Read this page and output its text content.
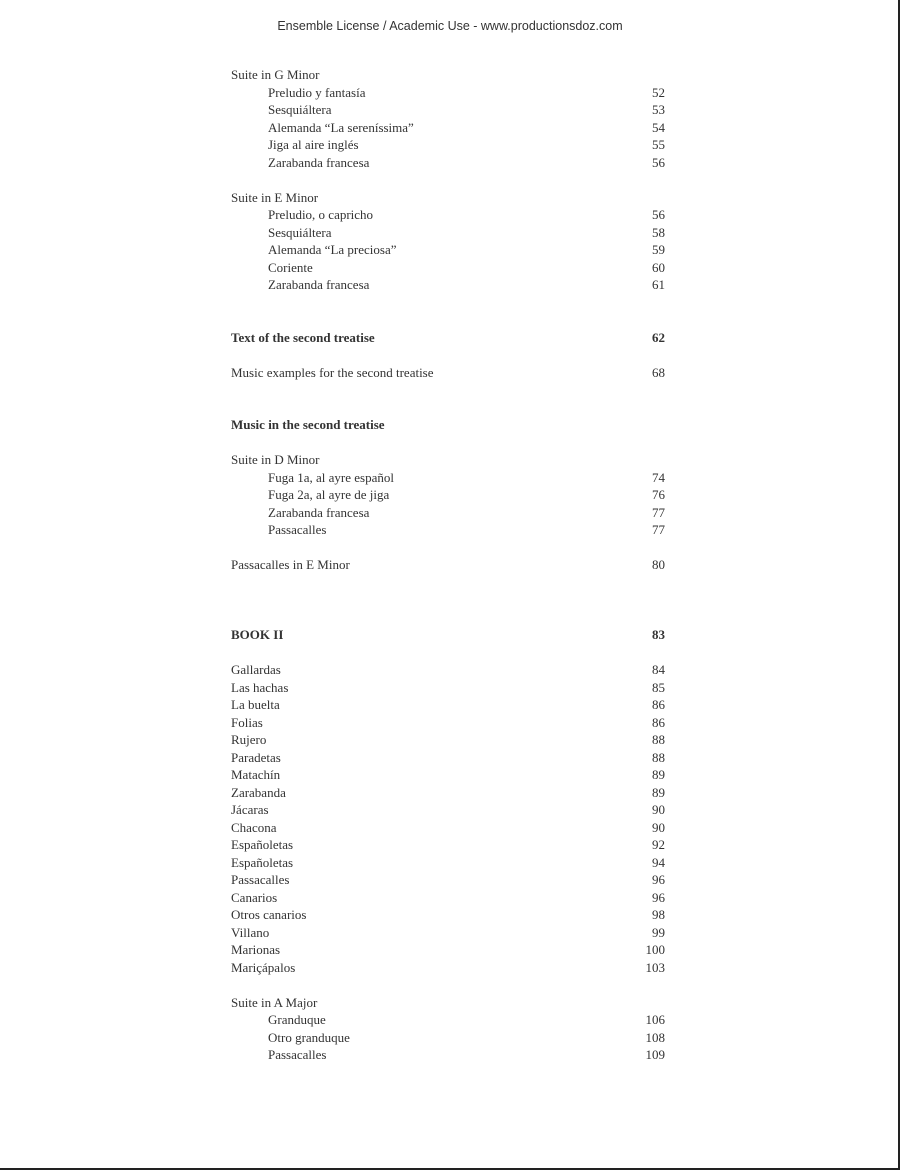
Ensemble License / Academic Use - www.productionsdoz.com
Suite in G Minor
Preludio y fantasía	52
Sesquiáltera	53
Alemanda “La sereníssima”	54
Jiga al aire inglés	55
Zarabanda francesa	56
Suite in E Minor
Preludio, o capricho	56
Sesquiáltera	58
Alemanda “La preciosa”	59
Coriente	60
Zarabanda francesa	61
Text of the second treatise	62
Music examples for the second treatise	68
Music in the second treatise
Suite in D Minor
Fuga 1a, al ayre español	74
Fuga 2a, al ayre de jiga	76
Zarabanda francesa	77
Passacalles	77
Passacalles in E Minor	80
BOOK II	83
Gallardas	84
Las hachas	85
La buelta	86
Folias	86
Rujero	88
Paradetas	88
Matachín	89
Zarabanda	89
Jácaras	90
Chacona	90
Españoletas	92
Españoletas	94
Passacalles	96
Canarios	96
Otros canarios	98
Villano	99
Marionas	100
Mariçápalos	103
Suite in A Major
Granduque	106
Otro granduque	108
Passacalles	109
